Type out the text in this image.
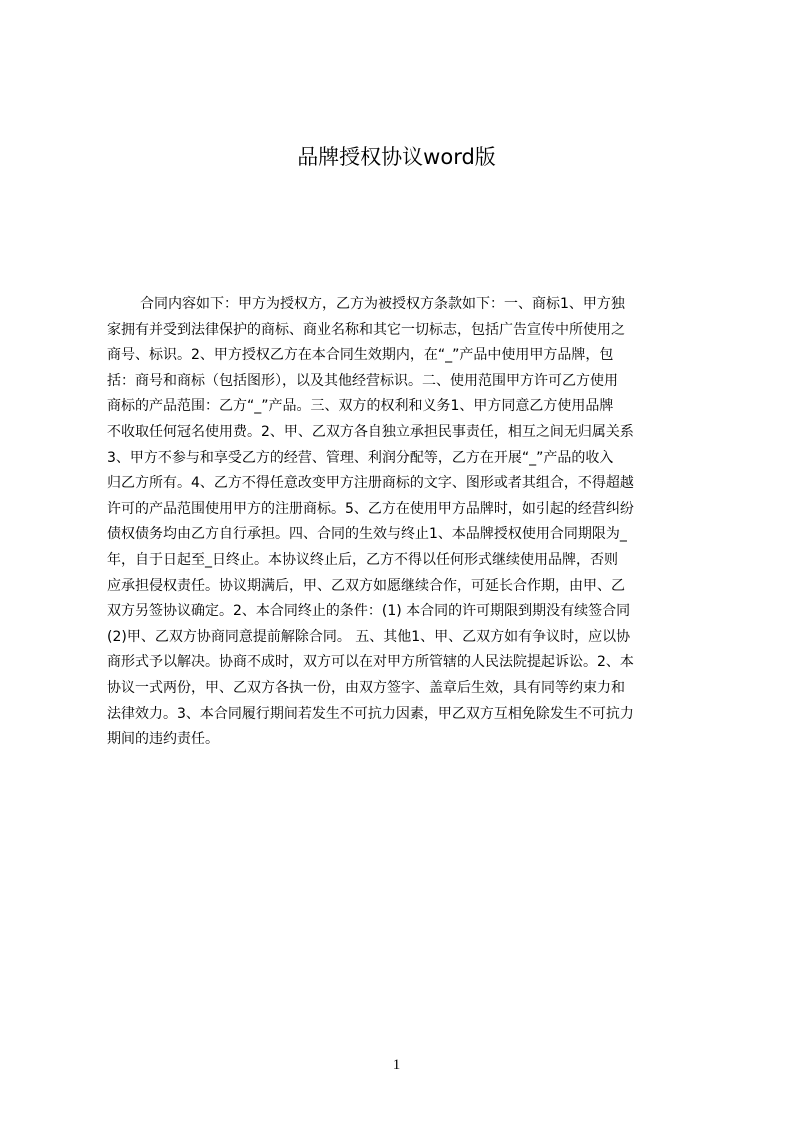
品牌授权协议word版
合同内容如下：甲方为授权方，乙方为被授权方条款如下：一、商标1、甲方独
家拥有并受到法律保护的商标、商业名称和其它一切标志，包括广告宣传中所使用之
商号、标识。2、甲方授权乙方在本合同生效期内，在“_”产品中使用甲方品牌，包
括：商号和商标（包括图形），以及其他经营标识。二、使用范围甲方许可乙方使用
商标的产品范围：乙方“_”产品。三、双方的权利和义务1、甲方同意乙方使用品牌
不收取任何冠名使用费。2、甲、乙双方各自独立承担民事责任，相互之间无归属关系
3、甲方不参与和享受乙方的经营、管理、利润分配等，乙方在开展“_”产品的收入
归乙方所有。4、乙方不得任意改变甲方注册商标的文字、图形或者其组合，不得超越
许可的产品范围使用甲方的注册商标。5、乙方在使用甲方品牌时，如引起的经营纠纷
债权债务均由乙方自行承担。四、合同的生效与终止1、本品牌授权使用合同期限为_
年，自于日起至_日终止。本协议终止后，乙方不得以任何形式继续使用品牌，否则
应承担侵权责任。协议期满后，甲、乙双方如愿继续合作，可延长合作期，由甲、乙
双方另签协议确定。2、本合同终止的条件：(1) 本合同的许可期限到期没有续签合同
(2)甲、乙双方协商同意提前解除合同。 五、其他1、甲、乙双方如有争议时，应以协
商形式予以解决。协商不成时，双方可以在对甲方所管辖的人民法院提起诉讼。2、本
协议一式两份，甲、乙双方各执一份，由双方签字、盖章后生效，具有同等约束力和
法律效力。3、本合同履行期间若发生不可抗力因素，甲乙双方互相免除发生不可抗力
期间的违约责任。
1
